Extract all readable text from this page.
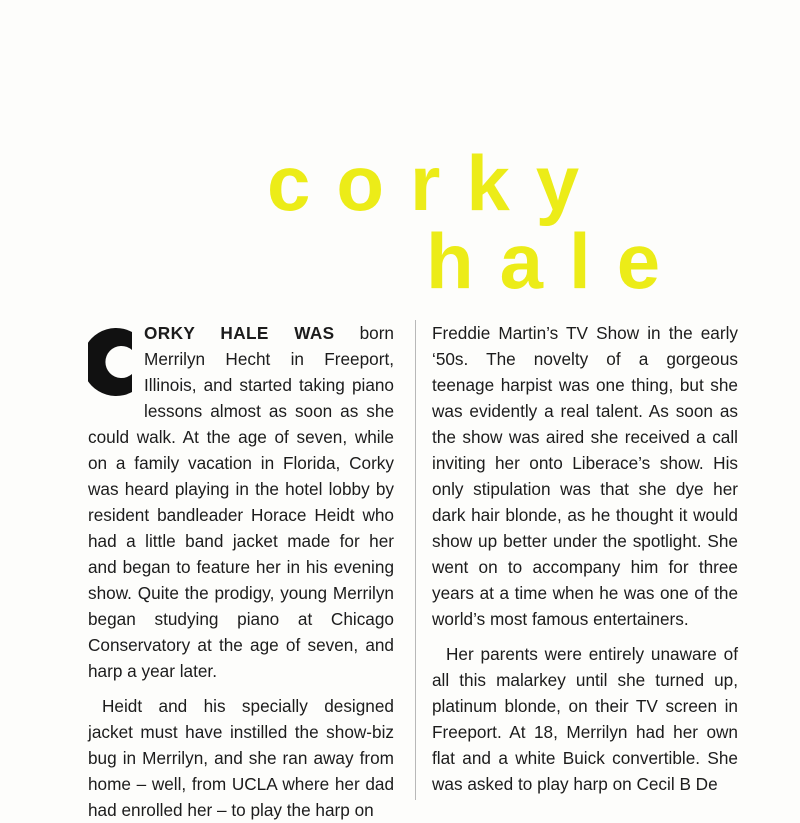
corky
hale

ORKY HALE WAS born Merrilyn Hecht in Freeport, Illinois, and started taking piano lessons almost as soon as she could walk. At the age of seven, while on a family vacation in Florida, Corky was heard playing in the hotel lobby by resident bandleader Horace Heidt who had a little band jacket made for her and began to feature her in his evening show. Quite the prodigy, young Merrilyn began studying piano at Chicago Conservatory at the age of seven, and harp a year later.

Heidt and his specially designed jacket must have instilled the show-biz bug in Merrilyn, and she ran away from home – well, from UCLA where her dad had enrolled her – to play the harp on

Freddie Martin’s TV Show in the early ‘50s. The novelty of a gorgeous teenage harpist was one thing, but she was evidently a real talent. As soon as the show was aired she received a call inviting her onto Liberace’s show. His only stipulation was that she dye her dark hair blonde, as he thought it would show up better under the spotlight. She went on to accompany him for three years at a time when he was one of the world’s most famous entertainers.

Her parents were entirely unaware of all this malarkey until she turned up, platinum blonde, on their TV screen in Freeport. At 18, Merrilyn had her own flat and a white Buick convertible. She was asked to play harp on Cecil B De
